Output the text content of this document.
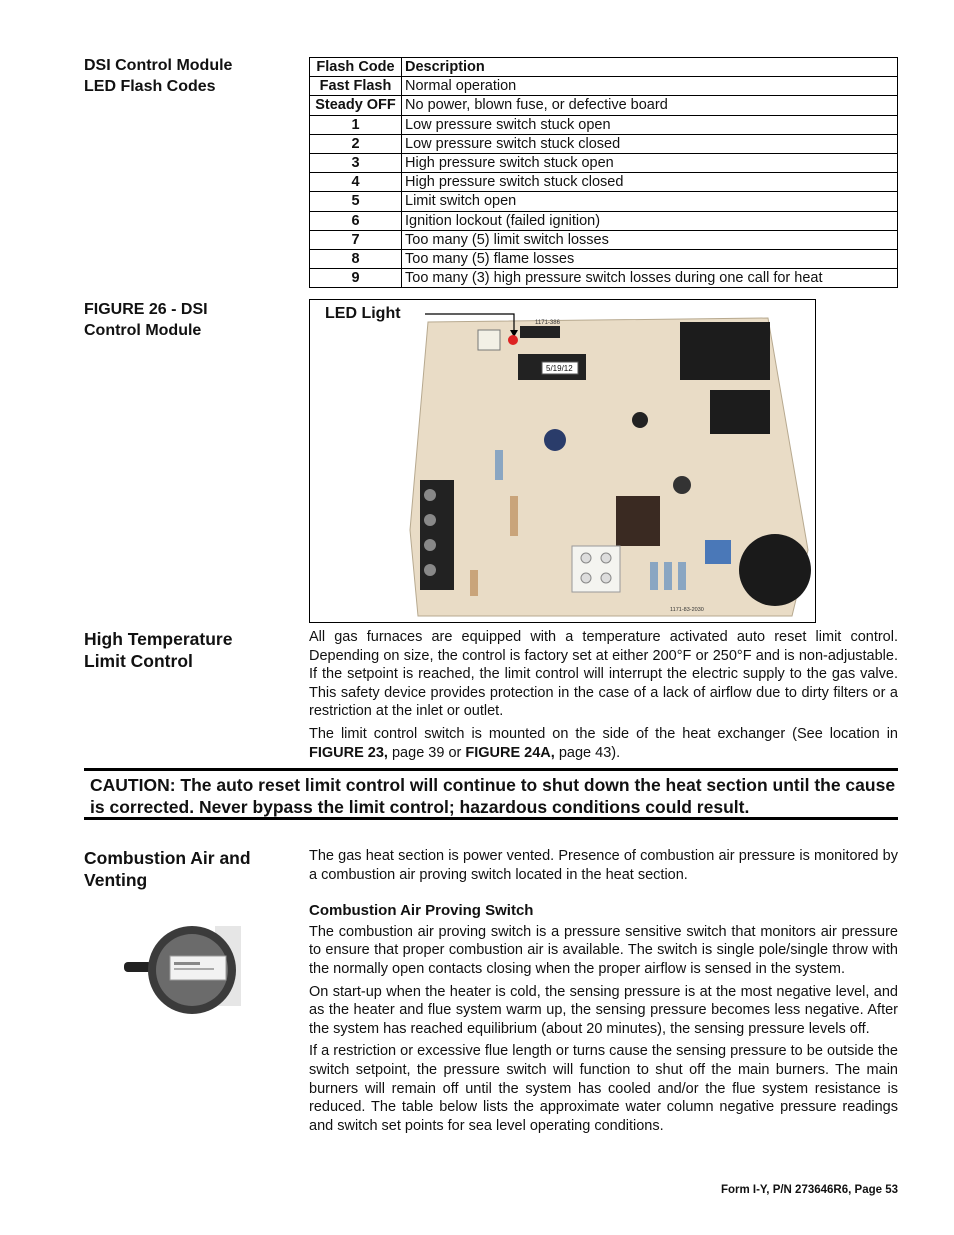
DSI Control Module
LED Flash Codes
Flash Code	Description
Fast Flash	Normal operation
Steady OFF	No power, blown fuse, or defective board
1	Low pressure switch stuck open
2	Low pressure switch stuck closed
3	High pressure switch stuck open
4	High pressure switch stuck closed
5	Limit switch open
6	Ignition lockout (failed ignition)
7	Too many (5) limit switch losses
8	Too many (5) flame losses
9	Too many (3) high pressure switch losses during one call for heat
FIGURE 26 - DSI
Control Module
LED Light
1171-386
5/19/12
1171-83-2030
High Temperature
Limit Control

All gas furnaces are equipped with a temperature activated auto reset limit control. Depending on size, the control is factory set at either 200°F or 250°F and is non-adjustable. If the setpoint is reached, the limit control will interrupt the electric supply to the gas valve. This safety device provides protection in the case of a lack of airflow due to dirty filters or a restriction at the inlet or outlet.

The limit control switch is mounted on the side of the heat exchanger (See location in FIGURE 23, page 39 or FIGURE 24A, page 43).

CAUTION: The auto reset limit control will continue to shut down the heat section until the cause is corrected. Never bypass the limit control; hazardous conditions could result.
Combustion Air and
Venting

The gas heat section is power vented. Presence of combustion air pressure is monitored by a combustion air proving switch located in the heat section.

Combustion Air Proving Switch

The combustion air proving switch is a pressure sensitive switch that monitors air pressure to ensure that proper combustion air is available. The switch is single pole/single throw with the normally open contacts closing when the proper airflow is sensed in the system.

On start-up when the heater is cold, the sensing pressure is at the most negative level, and as the heater and flue system warm up, the sensing pressure becomes less negative. After the system has reached equilibrium (about 20 minutes), the sensing pressure levels off.

If a restriction or excessive flue length or turns cause the sensing pressure to be outside the switch setpoint, the pressure switch will function to shut off the main burners. The main burners will remain off until the system has cooled and/or the flue system resistance is reduced. The table below lists the approximate water column negative pressure readings and switch set points for sea level operating conditions.

Form I-Y, P/N 273646R6, Page 53
